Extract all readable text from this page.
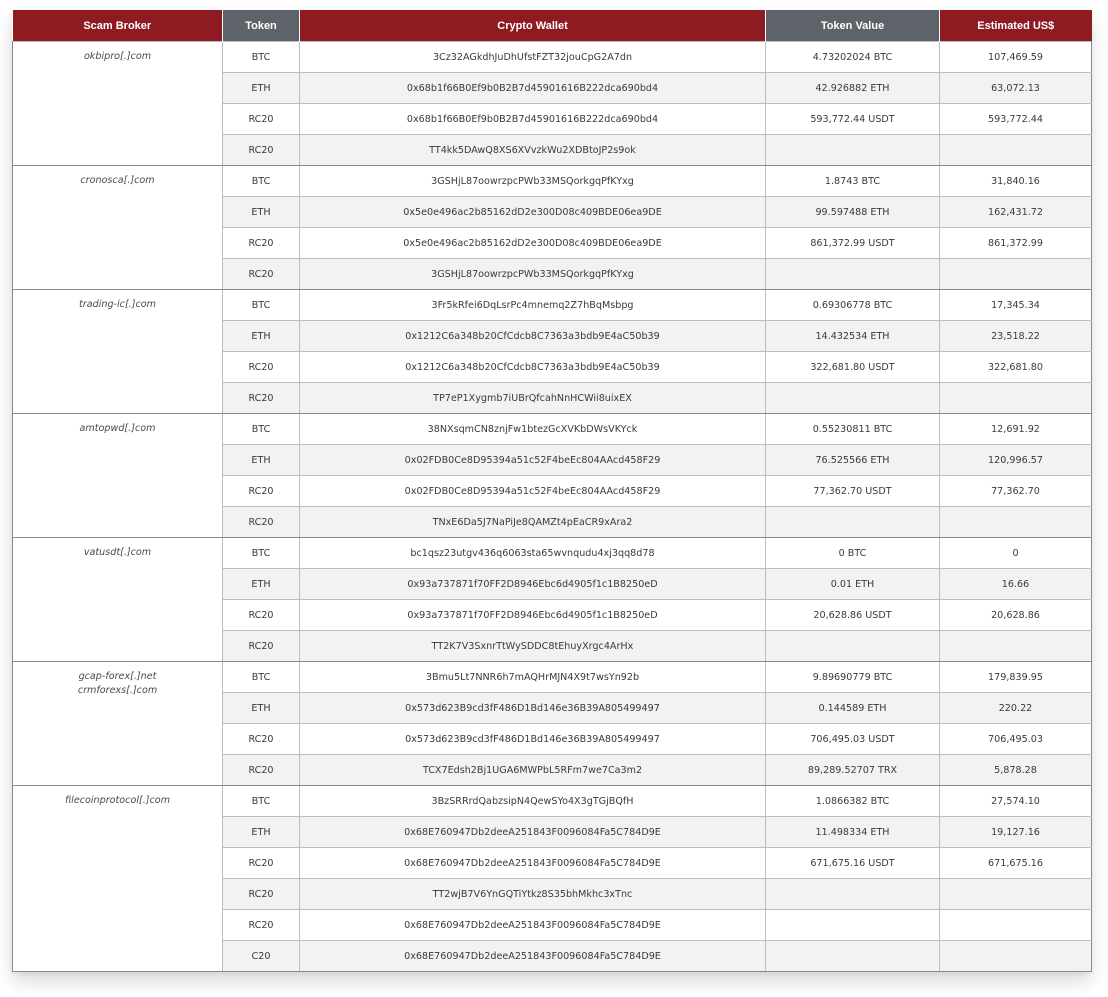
Scam Broker	Token	Crypto Wallet	Token Value	Estimated US$

okbipro[.]com	BTC	3Cz32AGkdhJuDhUfstFZT32jouCpG2A7dn	4.73202024 BTC	107,469.59
	ETH	0x68b1f66B0Ef9b0B2B7d45901616B222dca690bd4	42.926882 ETH	63,072.13
	RC20	0x68b1f66B0Ef9b0B2B7d45901616B222dca690bd4	593,772.44 USDT	593,772.44
	RC20	TT4kk5DAwQ8XS6XVvzkWu2XDBtoJP2s9ok		

cronosca[.]com	BTC	3GSHjL87oowrzpcPWb33MSQorkgqPfKYxg	1.8743 BTC	31,840.16
	ETH	0x5e0e496ac2b85162dD2e300D08c409BDE06ea9DE	99.597488 ETH	162,431.72
	RC20	0x5e0e496ac2b85162dD2e300D08c409BDE06ea9DE	861,372.99 USDT	861,372.99
	RC20	3GSHjL87oowrzpcPWb33MSQorkgqPfKYxg		

trading-ic[.]com	BTC	3Fr5kRfei6DqLsrPc4mnemq2Z7hBqMsbpg	0.69306778 BTC	17,345.34
	ETH	0x1212C6a348b20CfCdcb8C7363a3bdb9E4aC50b39	14.432534 ETH	23,518.22
	RC20	0x1212C6a348b20CfCdcb8C7363a3bdb9E4aC50b39	322,681.80 USDT	322,681.80
	RC20	TP7eP1Xygmb7iUBrQfcahNnHCWii8uixEX		

amtopwd[.]com	BTC	38NXsqmCN8znjFw1btezGcXVKbDWsVKYck	0.55230811 BTC	12,691.92
	ETH	0x02FDB0Ce8D95394a51c52F4beEc804AAcd458F29	76.525566 ETH	120,996.57
	RC20	0x02FDB0Ce8D95394a51c52F4beEc804AAcd458F29	77,362.70 USDT	77,362.70
	RC20	TNxE6Da5J7NaPiJe8QAMZt4pEaCR9xAra2		

vatusdt[.]com	BTC	bc1qsz23utgv436q6063sta65wvnqudu4xj3qq8d78	0 BTC	0
	ETH	0x93a737871f70FF2D8946Ebc6d4905f1c1B8250eD	0.01 ETH	16.66
	RC20	0x93a737871f70FF2D8946Ebc6d4905f1c1B8250eD	20,628.86 USDT	20,628.86
	RC20	TT2K7V3SxnrTtWySDDC8tEhuyXrgc4ArHx		

gcap-forex[.]net
crmforexs[.]com	BTC	3Bmu5Lt7NNR6h7mAQHrMJN4X9t7wsYn92b	9.89690779 BTC	179,839.95
	ETH	0x573d623B9cd3fF486D1Bd146e36B39A805499497	0.144589 ETH	220.22
	RC20	0x573d623B9cd3fF486D1Bd146e36B39A805499497	706,495.03 USDT	706,495.03
	RC20	TCX7Edsh2Bj1UGA6MWPbL5RFm7we7Ca3m2	89,289.52707 TRX	5,878.28

filecoinprotocol[.]com	BTC	3BzSRRrdQabzsipN4QewSYo4X3gTGjBQfH	1.0866382 BTC	27,574.10
	ETH	0x68E760947Db2deeA251843F0096084Fa5C784D9E	11.498334 ETH	19,127.16
	RC20	0x68E760947Db2deeA251843F0096084Fa5C784D9E	671,675.16 USDT	671,675.16
	RC20	TT2wjB7V6YnGQTiYtkz8S35bhMkhc3xTnc		
	RC20	0x68E760947Db2deeA251843F0096084Fa5C784D9E		
	C20	0x68E760947Db2deeA251843F0096084Fa5C784D9E		
